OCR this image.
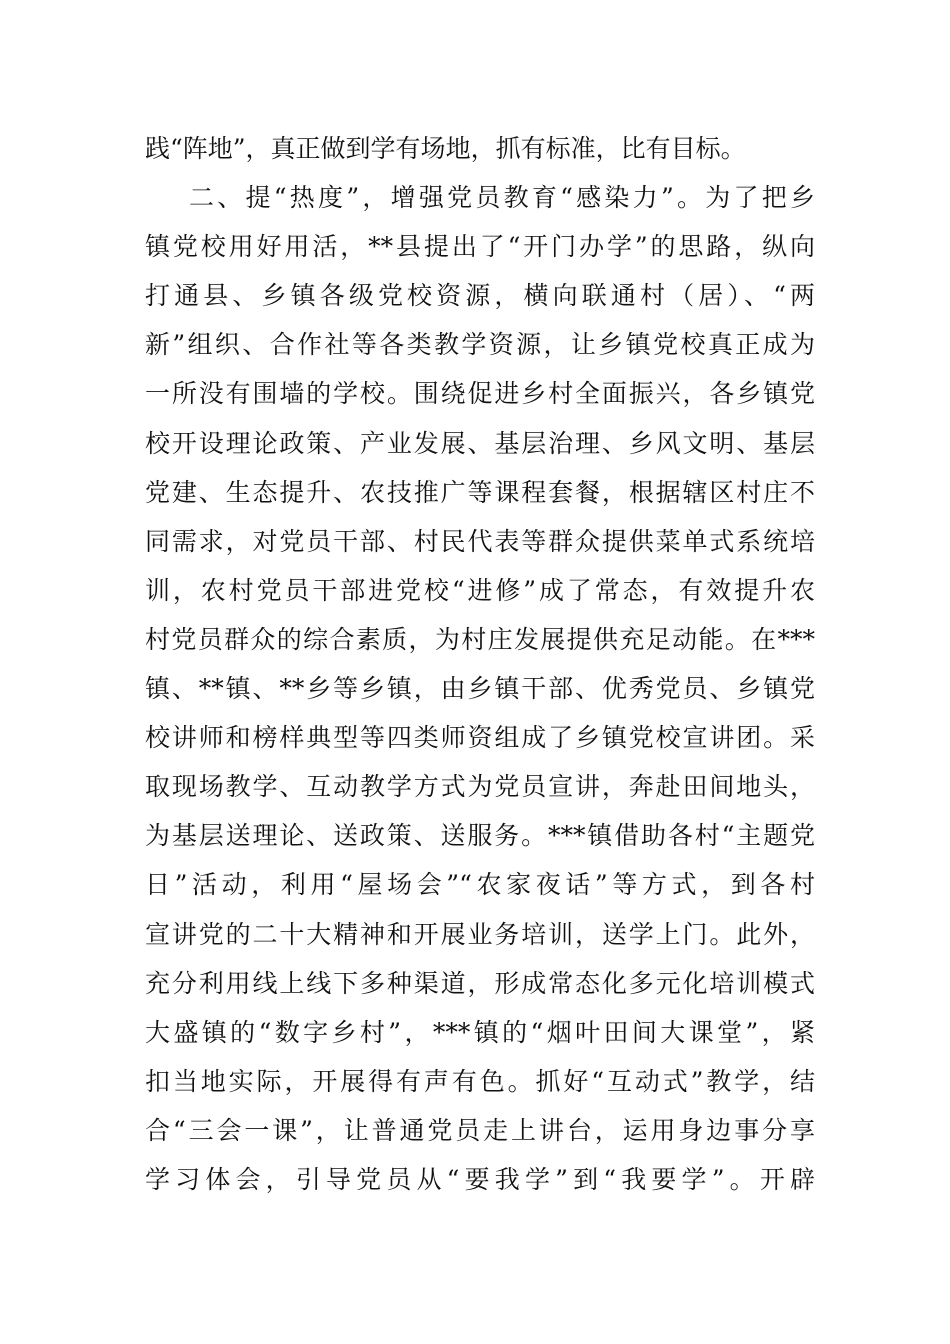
践“阵地”，真正做到学有场地，抓有标准，比有目标。
二、提“热度”，增强党员教育“感染力”。为了把乡
镇党校用好用活，**县提出了“开门办学”的思路，纵向
打通县、乡镇各级党校资源，横向联通村（居）、“两
新”组织、合作社等各类教学资源，让乡镇党校真正成为
一所没有围墙的学校。围绕促进乡村全面振兴，各乡镇党
校开设理论政策、产业发展、基层治理、乡风文明、基层
党建、生态提升、农技推广等课程套餐，根据辖区村庄不
同需求，对党员干部、村民代表等群众提供菜单式系统培
训，农村党员干部进党校“进修”成了常态，有效提升农
村党员群众的综合素质，为村庄发展提供充足动能。在***
镇、**镇、**乡等乡镇，由乡镇干部、优秀党员、乡镇党
校讲师和榜样典型等四类师资组成了乡镇党校宣讲团。采
取现场教学、互动教学方式为党员宣讲，奔赴田间地头，
为基层送理论、送政策、送服务。***镇借助各村“主题党
日”活动，利用“屋场会”“农家夜话”等方式，到各村
宣讲党的二十大精神和开展业务培训，送学上门。此外，
充分利用线上线下多种渠道，形成常态化多元化培训模式
大盛镇的“数字乡村”，***镇的“烟叶田间大课堂”，紧
扣当地实际，开展得有声有色。抓好“互动式”教学，结
合“三会一课”，让普通党员走上讲台，运用身边事分享
学习体会，引导党员从“要我学”到“我要学”。开辟
